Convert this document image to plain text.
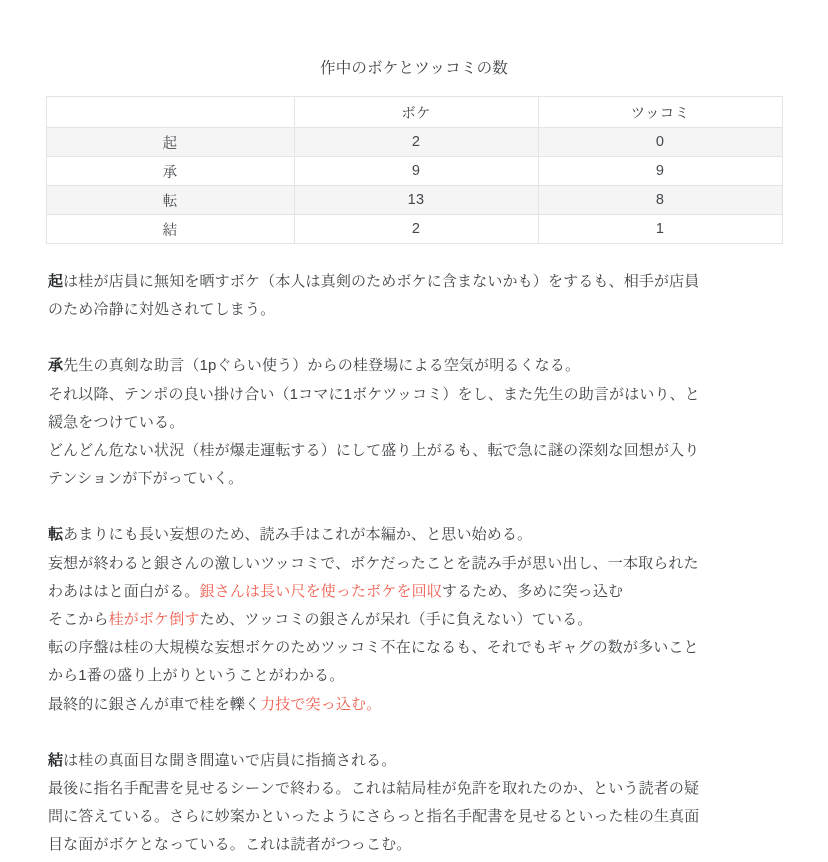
作中のボケとツッコミの数
	ボケ	ツッコミ
起	2	0
承	9	9
転	13	8
結	2	1

起は桂が店員に無知を晒すボケ（本人は真剣のためボケに含まないかも）をするも、相手が店員
のため冷静に対処されてしまう。

承先生の真剣な助言（1pぐらい使う）からの桂登場による空気が明るくなる。
それ以降、テンポの良い掛け合い（1コマに1ボケツッコミ）をし、また先生の助言がはいり、と
緩急をつけている。
どんどん危ない状況（桂が爆走運転する）にして盛り上がるも、転で急に謎の深刻な回想が入り
テンションが下がっていく。

転あまりにも長い妄想のため、読み手はこれが本編か、と思い始める。
妄想が終わると銀さんの激しいツッコミで、ボケだったことを読み手が思い出し、一本取られた
わあははと面白がる。銀さんは長い尺を使ったボケを回収するため、多めに突っ込む
そこから桂がボケ倒すため、ツッコミの銀さんが呆れ（手に負えない）ている。
転の序盤は桂の大規模な妄想ボケのためツッコミ不在になるも、それでもギャグの数が多いこと
から1番の盛り上がりということがわかる。
最終的に銀さんが車で桂を轢く力技で突っ込む。

結は桂の真面目な聞き間違いで店員に指摘される。
最後に指名手配書を見せるシーンで終わる。これは結局桂が免許を取れたのか、という読者の疑
問に答えている。さらに妙案かといったようにさらっと指名手配書を見せるといった桂の生真面
目な面がボケとなっている。これは読者がつっこむ。
